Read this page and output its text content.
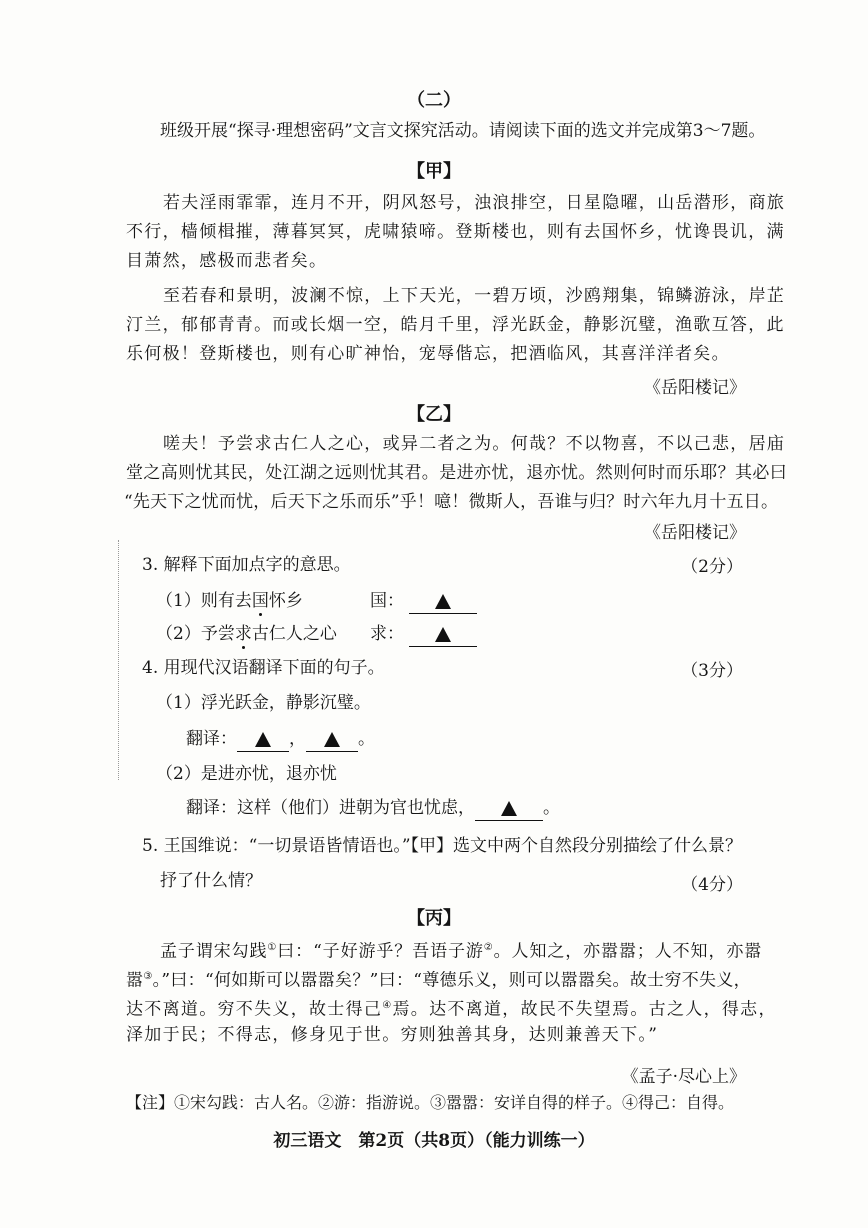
（二）
班级开展“探寻·理想密码”文言文探究活动。请阅读下面的选文并完成第3～7题。
【甲】
若夫淫雨霏霏，连月不开，阴风怒号，浊浪排空，日星隐曜，山岳潜形，商旅
不行，樯倾楫摧，薄暮冥冥，虎啸猿啼。登斯楼也，则有去国怀乡，忧谗畏讥，满
目萧然，感极而悲者矣。
至若春和景明，波澜不惊，上下天光，一碧万顷，沙鸥翔集，锦鳞游泳，岸芷
汀兰，郁郁青青。而或长烟一空，皓月千里，浮光跃金，静影沉璧，渔歌互答，此
乐何极！登斯楼也，则有心旷神怡，宠辱偕忘，把酒临风，其喜洋洋者矣。
《岳阳楼记》
【乙】
嗟夫！予尝求古仁人之心，或异二者之为。何哉？不以物喜，不以己悲，居庙
堂之高则忧其民，处江湖之远则忧其君。是进亦忧，退亦忧。然则何时而乐耶？其必曰
“先天下之忧而忧，后天下之乐而乐”乎！噫！微斯人，吾谁与归？时六年九月十五日。
《岳阳楼记》
3. 解释下面加点字的意思。	（2分）
（1）则有去国怀乡	国：
（2）予尝求古仁人之心 求：
4. 用现代汉语翻译下面的句子。	（3分）
（1）浮光跃金，静影沉璧。
翻译：	，	。
（2）是进亦忧，退亦忧
翻译：这样（他们）进朝为官也忧虑，	。
5. 王国维说：“一切景语皆情语也。”【甲】选文中两个自然段分别描绘了什么景？
抒了什么情？	（4分）
【丙】
孟子谓宋勾践①曰：“子好游乎？吾语子游②。人知之，亦嚣嚣；人不知，亦嚣
嚣③。”曰：“何如斯可以嚣嚣矣？”曰：“尊德乐义，则可以嚣嚣矣。故士穷不失义，
达不离道。穷不失义，故士得己④焉。达不离道，故民不失望焉。古之人，得志，
泽加于民；不得志，修身见于世。穷则独善其身，达则兼善天下。”
《孟子·尽心上》
【注】①宋勾践：古人名。②游：指游说。③嚣嚣：安详自得的样子。④得己：自得。
初三语文　第2页（共8页）（能力训练一）
